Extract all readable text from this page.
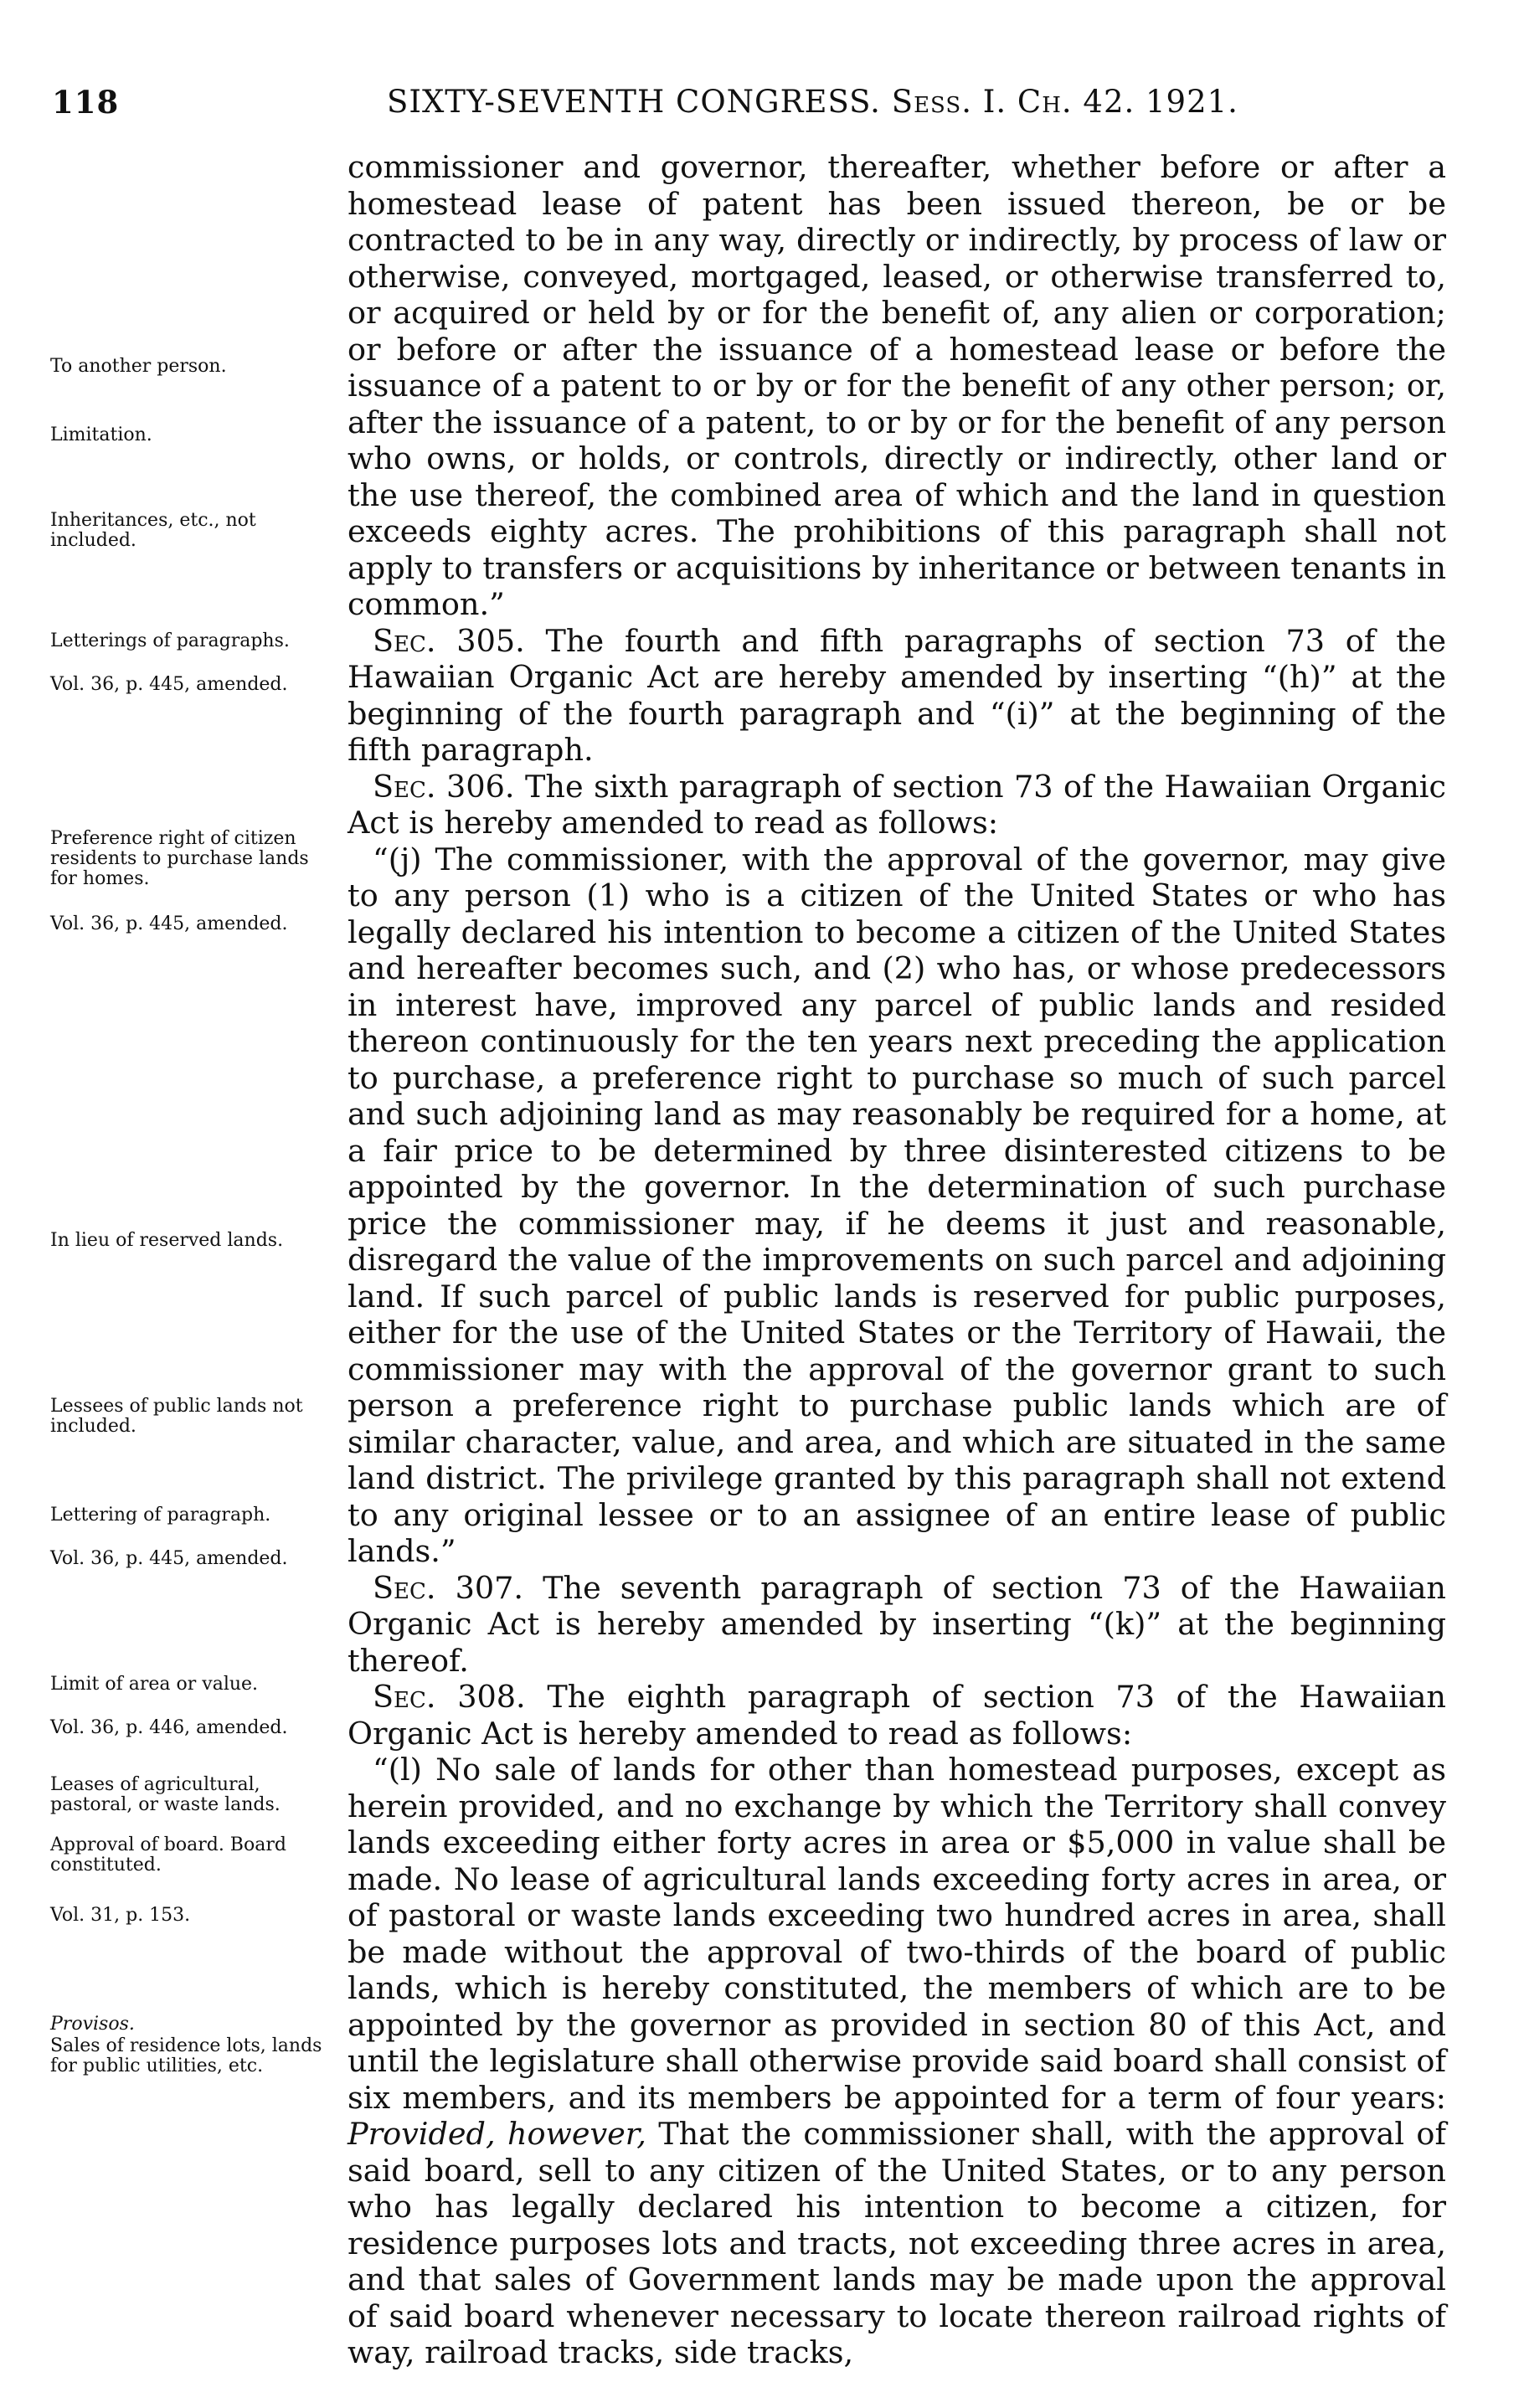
118	SIXTY-SEVENTH CONGRESS. Sess. I. Ch. 42. 1921.

To another person.

Limitation.

Inheritances, etc., not included.

Letterings of paragraphs.

Vol. 36, p. 445, amended.

Preference right of citizen residents to purchase lands for homes.

Vol. 36, p. 445, amended.

In lieu of reserved lands.

Lessees of public lands not included.

Lettering of paragraph.

Vol. 36, p. 445, amended.

Limit of area or value.

Vol. 36, p. 446, amended.

Leases of agricultural, pastoral, or waste lands.

Approval of board. Board constituted.

Vol. 31, p. 153.

Provisos.

Sales of residence lots, lands for public utilities, etc.

commissioner and governor, thereafter, whether before or after a homestead lease of patent has been issued thereon, be or be contracted to be in any way, directly or indirectly, by process of law or otherwise, conveyed, mortgaged, leased, or otherwise transferred to, or acquired or held by or for the benefit of, any alien or corporation; or before or after the issuance of a homestead lease or before the issuance of a patent to or by or for the benefit of any other person; or, after the issuance of a patent, to or by or for the benefit of any person who owns, or holds, or controls, directly or indirectly, other land or the use thereof, the combined area of which and the land in question exceeds eighty acres. The prohibitions of this paragraph shall not apply to transfers or acquisitions by inheritance or between tenants in common.”

Sec. 305. The fourth and fifth paragraphs of section 73 of the Hawaiian Organic Act are hereby amended by inserting “(h)” at the beginning of the fourth paragraph and “(i)” at the beginning of the fifth paragraph.

Sec. 306. The sixth paragraph of section 73 of the Hawaiian Organic Act is hereby amended to read as follows:

“(j) The commissioner, with the approval of the governor, may give to any person (1) who is a citizen of the United States or who has legally declared his intention to become a citizen of the United States and hereafter becomes such, and (2) who has, or whose predecessors in interest have, improved any parcel of public lands and resided thereon continuously for the ten years next preceding the application to purchase, a preference right to purchase so much of such parcel and such adjoining land as may reasonably be required for a home, at a fair price to be determined by three disinterested citizens to be appointed by the governor. In the determination of such purchase price the commissioner may, if he deems it just and reasonable, disregard the value of the improvements on such parcel and adjoining land. If such parcel of public lands is reserved for public purposes, either for the use of the United States or the Territory of Hawaii, the commissioner may with the approval of the governor grant to such person a preference right to purchase public lands which are of similar character, value, and area, and which are situated in the same land district. The privilege granted by this paragraph shall not extend to any original lessee or to an assignee of an entire lease of public lands.”

Sec. 307. The seventh paragraph of section 73 of the Hawaiian Organic Act is hereby amended by inserting “(k)” at the beginning thereof.

Sec. 308. The eighth paragraph of section 73 of the Hawaiian Organic Act is hereby amended to read as follows:

“(l) No sale of lands for other than homestead purposes, except as herein provided, and no exchange by which the Territory shall convey lands exceeding either forty acres in area or $5,000 in value shall be made. No lease of agricultural lands exceeding forty acres in area, or of pastoral or waste lands exceeding two hundred acres in area, shall be made without the approval of two-thirds of the board of public lands, which is hereby constituted, the members of which are to be appointed by the governor as provided in section 80 of this Act, and until the legislature shall otherwise provide said board shall consist of six members, and its members be appointed for a term of four years: Provided, however, That the commissioner shall, with the approval of said board, sell to any citizen of the United States, or to any person who has legally declared his intention to become a citizen, for residence purposes lots and tracts, not exceeding three acres in area, and that sales of Government lands may be made upon the approval of said board whenever necessary to locate thereon railroad rights of way, railroad tracks, side tracks,
